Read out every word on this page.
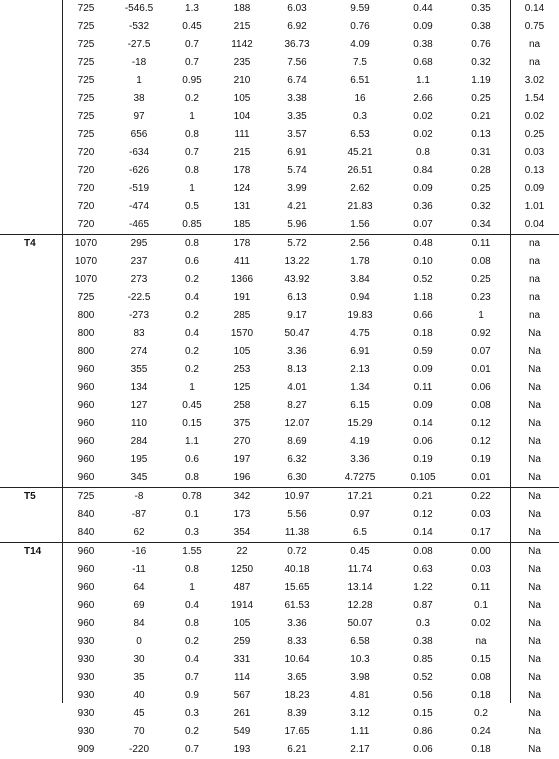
	725	-546.5	1.3	188	6.03	9.59	0.44	0.35	0.14
	725	-532	0.45	215	6.92	0.76	0.09	0.38	0.75
	725	-27.5	0.7	1142	36.73	4.09	0.38	0.76	na
	725	-18	0.7	235	7.56	7.5	0.68	0.32	na
	725	1	0.95	210	6.74	6.51	1.1	1.19	3.02
	725	38	0.2	105	3.38	16	2.66	0.25	1.54
	725	97	1	104	3.35	0.3	0.02	0.21	0.02
	725	656	0.8	111	3.57	6.53	0.02	0.13	0.25
	720	-634	0.7	215	6.91	45.21	0.8	0.31	0.03
	720	-626	0.8	178	5.74	26.51	0.84	0.28	0.13
	720	-519	1	124	3.99	2.62	0.09	0.25	0.09
	720	-474	0.5	131	4.21	21.83	0.36	0.32	1.01
	720	-465	0.85	185	5.96	1.56	0.07	0.34	0.04
T4	1070	295	0.8	178	5.72	2.56	0.48	0.11	na
	1070	237	0.6	411	13.22	1.78	0.10	0.08	na
	1070	273	0.2	1366	43.92	3.84	0.52	0.25	na
	725	-22.5	0.4	191	6.13	0.94	1.18	0.23	na
	800	-273	0.2	285	9.17	19.83	0.66	1	na
	800	83	0.4	1570	50.47	4.75	0.18	0.92	Na
	800	274	0.2	105	3.36	6.91	0.59	0.07	Na
	960	355	0.2	253	8.13	2.13	0.09	0.01	Na
	960	134	1	125	4.01	1.34	0.11	0.06	Na
	960	127	0.45	258	8.27	6.15	0.09	0.08	Na
	960	110	0.15	375	12.07	15.29	0.14	0.12	Na
	960	284	1.1	270	8.69	4.19	0.06	0.12	Na
	960	195	0.6	197	6.32	3.36	0.19	0.19	Na
	960	345	0.8	196	6.30	4.7275	0.105	0.01	Na
T5	725	-8	0.78	342	10.97	17.21	0.21	0.22	Na
	840	-87	0.1	173	5.56	0.97	0.12	0.03	Na
	840	62	0.3	354	11.38	6.5	0.14	0.17	Na
T14	960	-16	1.55	22	0.72	0.45	0.08	0.00	Na
	960	-11	0.8	1250	40.18	11.74	0.63	0.03	Na
	960	64	1	487	15.65	13.14	1.22	0.11	Na
	960	69	0.4	1914	61.53	12.28	0.87	0.1	Na
	960	84	0.8	105	3.36	50.07	0.3	0.02	Na
	930	0	0.2	259	8.33	6.58	0.38	na	Na
	930	30	0.4	331	10.64	10.3	0.85	0.15	Na
	930	35	0.7	114	3.65	3.98	0.52	0.08	Na
	930	40	0.9	567	18.23	4.81	0.56	0.18	Na
	930	45	0.3	261	8.39	3.12	0.15	0.2	Na
	930	70	0.2	549	17.65	1.11	0.86	0.24	Na
	909	-220	0.7	193	6.21	2.17	0.06	0.18	Na
